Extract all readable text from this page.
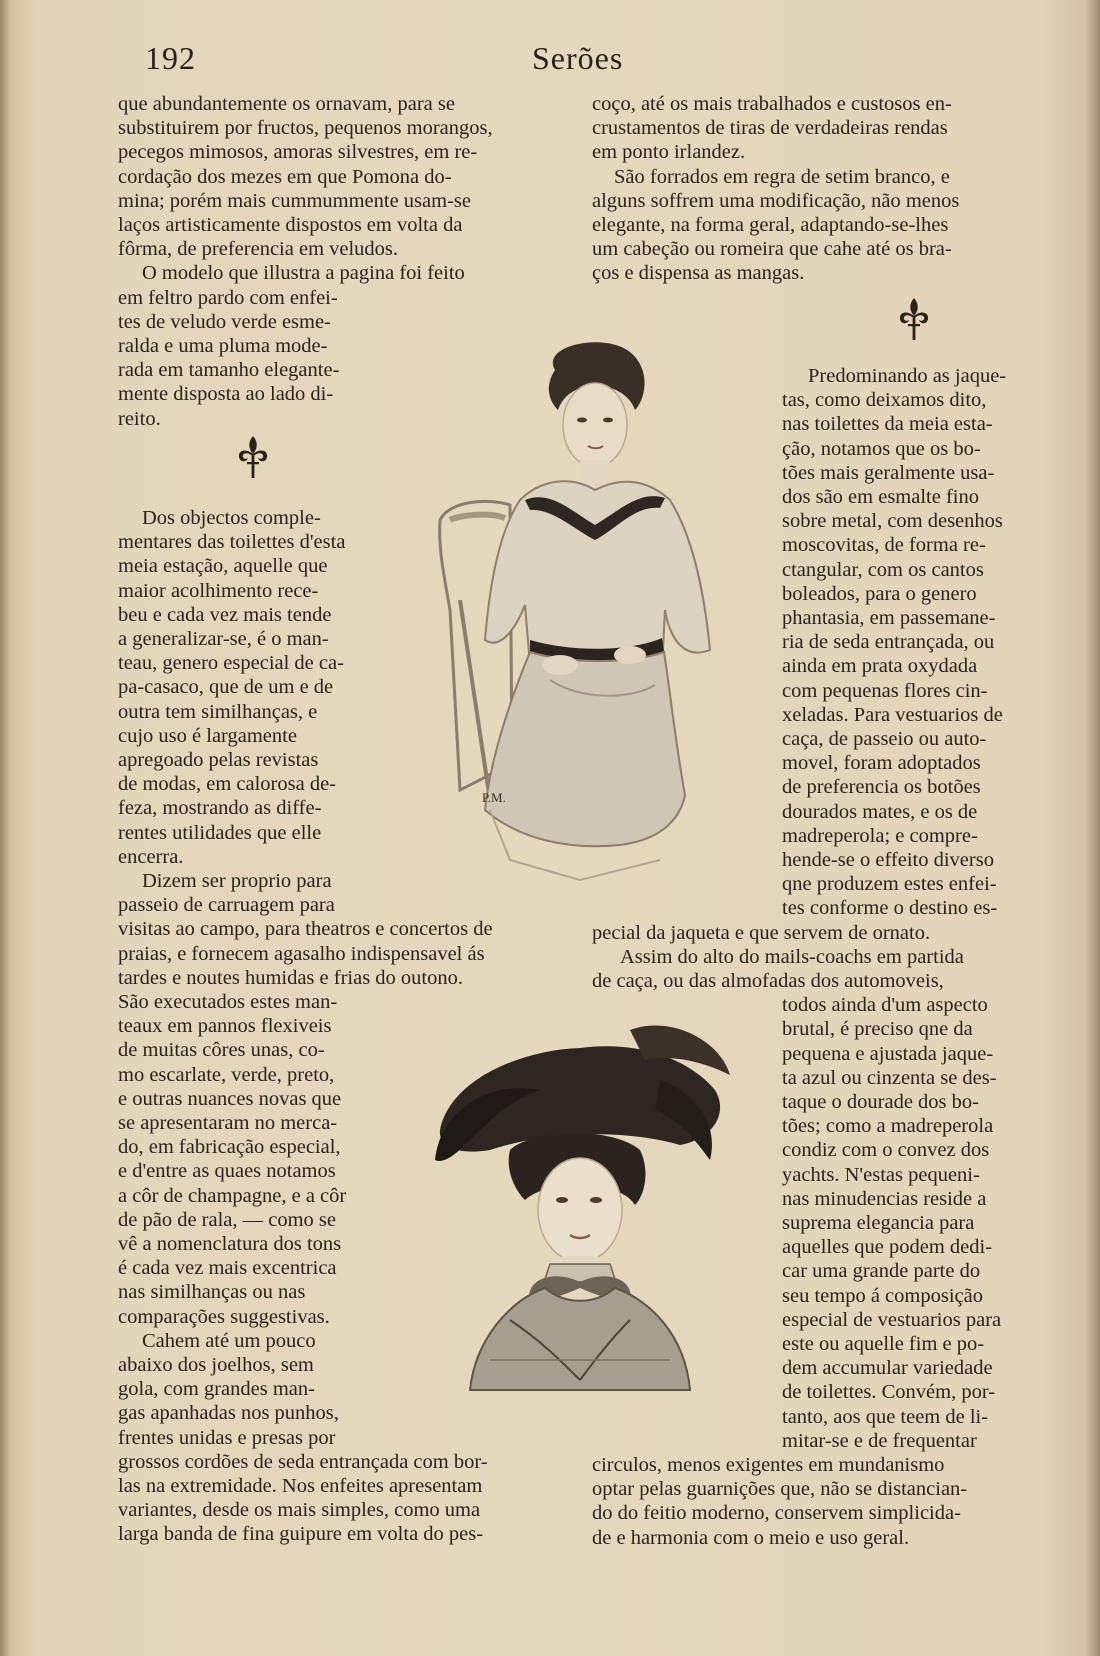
192	Serões
que abundantemente os ornavam, para se
substituirem por fructos, pequenos morangos,
pecegos mimosos, amoras silvestres, em re-
cordação dos mezes em que Pomona do-
mina; porém mais cummummente usam-se
laços artisticamente dispostos em volta da
fôrma, de preferencia em veludos.
O modelo que illustra a pagina foi feito
em feltro pardo com enfei-
tes de veludo verde esme-
ralda e uma pluma mode-
rada em tamanho elegante-
mente disposta ao lado di-
reito.
Dos objectos comple-
mentares das toilettes d'esta
meia estação, aquelle que
maior acolhimento rece-
beu e cada vez mais tende
a generalizar-se, é o man-
teau, genero especial de ca-
pa-casaco, que de um e de
outra tem similhanças, e
cujo uso é largamente
apregoado pelas revistas
de modas, em calorosa de-
feza, mostrando as diffe-
rentes utilidades que elle
encerra.
Dizem ser proprio para
passeio de carruagem para
visitas ao campo, para theatros e concertos de
praias, e fornecem agasalho indispensavel ás
tardes e noutes humidas e frias do outono.
São executados estes man-
teaux em pannos flexiveis
de muitas côres unas, co-
mo escarlate, verde, preto,
e outras nuances novas que
se apresentaram no merca-
do, em fabricação especial,
e d'entre as quaes notamos
a côr de champagne, e a côr
de pão de rala, — como se
vê a nomenclatura dos tons
é cada vez mais excentrica
nas similhanças ou nas
comparações suggestivas.
Cahem até um pouco
abaixo dos joelhos, sem
gola, com grandes man-
gas apanhadas nos punhos,
frentes unidas e presas por
grossos cordões de seda entrançada com bor-
las na extremidade. Nos enfeites apresentam
variantes, desde os mais simples, como uma
larga banda de fina guipure em volta do pes-
coço, até os mais trabalhados e custosos en-
crustamentos de tiras de verdadeiras rendas
em ponto irlandez.
São forrados em regra de setim branco, e
alguns soffrem uma modificação, não menos
elegante, na forma geral, adaptando-se-lhes
um cabeção ou romeira que cahe até os bra-
ços e dispensa as mangas.
Predominando as jaque-
tas, como deixamos dito,
nas toilettes da meia esta-
ção, notamos que os bo-
tões mais geralmente usa-
dos são em esmalte fino
sobre metal, com desenhos
moscovitas, de forma re-
ctangular, com os cantos
boleados, para o genero
phantasia, em passemane-
ria de seda entrançada, ou
ainda em prata oxydada
com pequenas flores cin-
xeladas. Para vestuarios de
caça, de passeio ou auto-
movel, foram adoptados
de preferencia os botões
dourados mates, e os de
madreperola; e compre-
hende-se o effeito diverso
qne produzem estes enfei-
tes conforme o destino es-
pecial da jaqueta e que servem de ornato.
Assim do alto do mails-coachs em partida
de caça, ou das almofadas dos automoveis,
todos ainda d'um aspecto
brutal, é preciso qne da
pequena e ajustada jaque-
ta azul ou cinzenta se des-
taque o dourade dos bo-
tões; como a madreperola
condiz com o convez dos
yachts. N'estas pequeni-
nas minudencias reside a
suprema elegancia para
aquelles que podem dedi-
car uma grande parte do
seu tempo á composição
especial de vestuarios para
este ou aquelle fim e po-
dem accumular variedade
de toilettes. Convém, por-
tanto, aos que teem de li-
mitar-se e de frequentar
circulos, menos exigentes em mundanismo
optar pelas guarnições que, não se distancian-
do do feitio moderno, conservem simplicida-
de e harmonia com o meio e uso geral.
P.M.
